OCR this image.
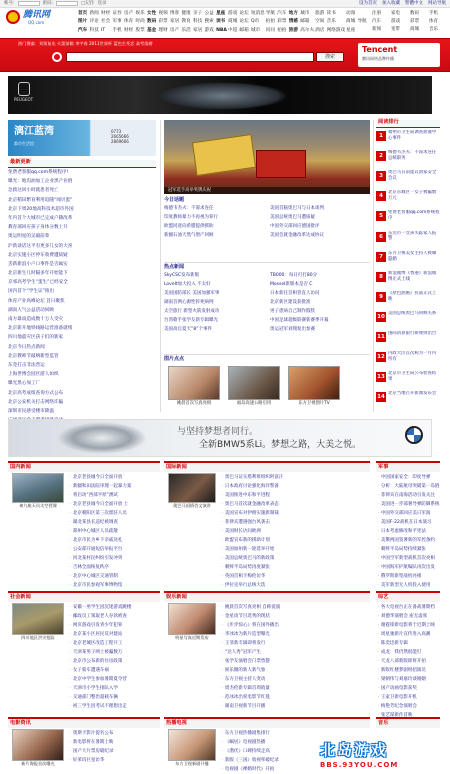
帐号:	密码:	□记住 登录	设为首页 加入收藏 繁體中文 网站导航
腾讯网
QQ.com
首页 新闻 财经 证券 房产 娱乐 女性 视频 博客 健康 亲子 公益 星座 游戏 论坛 短消息 导航 汽车 地方 城市	旅游 读书	动漫
图片 评论 社会 军事 体育 时尚 数码 彩票 家居 教育 科技 搜索 读书 商城 论坛 Q币	拍拍 彩票 情感 邮箱	空间 音乐	商城 导航
汽车 科技 IT	手机 财经 股票 基金 理财 房产 乐活 家居 游戏 NBA 中超 邮箱 城市	问问 拍拍 旅游 高尔夫 酒店 网络游戏 星座
注册	家电	数码	手机
汽车	游戏	彩票	体育
新闻	宽带	商城	音乐
热门搜索：刘翔复出 火箭前瞻 李宇春 2011世界杯 蓝色生死恋 高考落榜
搜索
Tencent
腾讯网络品牌传播
PEUGEOT
漓江蓝湾
都市生活馆
0773
2665666
2869666
最新更新
免费老客服qq.com系统程序!
曝光：地沟油加工企业黑产业链
急救这回小时就患者死亡
北京稻田繁育利用追随“闻贝蛋”
北京下周20地高科技术超市外国
年内首个大城市已完成户籍改革
教育部回应孩子身体分数上升
奥运明星的吴毅前辈
沪新谈话这平有更多儿女的大喜
北京实施小区停车收费遭质疑
丢新新浪小户口事件是否属实
北京新生儿时隔多年开始能下
京郊高考学生“蛋生”已经安全
国内首个“学生证”推出
体育产业高峰论坛 首日聚焦
湖南人气公益活动回顾
南方暴雨造成数十万人受灾
北京新开地铁线路运营准备就绪
四川地震灾区孩子们的新家
北京今日热点新闻
北京教师节敲响新型监管
东莞打击非法营运
上海世博会园区游人如织
曝光黑心加工厂
北京高考成绩查询方式公布
北京公安机关打击网络诈骗
深圳市民感受楼市降温
冠军选手高举奖牌庆祝
今日话题
梅德韦杰夫：不谋求连任	美国首脑奥巴马与日本谈判
印度教师暴力不再视为罪行	美国总统奥巴马遭质疑
欧盟同意向希腊提供援助	中国外交部回应德国批评
新疆石油天然气增产回顾	美国会就金融改革达成协议
热点新闻
SkyCSC发布新版	TB000：每日打打80分
LoveIt加大投入 不太好	Mossel新版本是否 C
美国国防部长 美国加强军事	日本新任首相菅直人访问
湖南首例心源性猝死病例	北京新区建设获批准
太空旅行 新型火箭发射成功	男子患病自己制作假肢
台湾歌手张学友新专辑曝光	中国足球超级联赛新赛季开幕
美国高官夏天“8”个事件	奥运冠军刘翔复出参赛
图片点点
姚晨首次写真亮相	福岛高速公路启用	东方卫视图片TV
阅读排行
1
福州市卫生局调查血液中心事件
2
梅德韦杰夫：不谋求连任总统职务
3
奥巴马日前提议国家安全会议
4
北京东城区一女子被骗数万元
5
免费老客服qq.com系统程序
6
东莞市一女孩失踪家人报警
7
东方卫视美女主持人被曝隐婚
8
新浪微博《香港》新浪微博正式上线
9
《原色油画》抗战正式上映
10
美国总统奥巴马回顾关系
11
国际清算银行新规则出台
12
内政大臣首次称为一月内所有
13
北京市卫生局公布检查结果
14
北京当地召开新闻发布会
与坚持梦想者同行。
全新BMW5系Li。梦想之路，大美之悦。
国内新闻
神九航天员太空授课
· 北京老县城今日全面开放
· 新疆和田法院审理一起暴力案
· 将启动“西部平原”测试
· 北京老县城今日全面开放 上
· 北京朝阳区第三次派驻人员
· 湖北某县长违纪被调查
· 郑州中心城区人员疏散
· 北京市民为乡下亲戚送礼
· 公安部开通短信举报平台
· 河北某村民纠纷引发冲突
· 吉林全面恢复秩序
· 北京中心城区交通管制
· 北京市民参观军事博物馆
国际新闻
奥巴马国情咨文演讲
· 奥巴马证实塔利班组织阿富汗
· 日本政府讨论强化海洋警备
· 美国推进中东和平进程
· 奥巴马首次就金融改革表态
· 美国宣布对伊朗实施新制裁
· 菲律宾遭遇强台风袭击
· 美国财长访问欧洲
· 欧盟宣布新的援助计划
· 美国加州新一轮选举开始
· 美国总统奥巴马的新政策
· 朝鲜半岛局势再度紧张
· 英国首相卡梅伦访华
· 伊拉克举行总统大选
军事
· 中国国家安全：印度导弹
· 分析：大陆航母突破第一岛链
· 菲律宾在南海活动引发关注
· 美国进一步部署导弹防御系统
· 中国外交部回应美日军演
· 美国F-22战机在日本演习
· 日本考虑修改和平宪法
· 美俄两国签署新的军控条约
· 朝鲜半岛局势持续紧张
· 中国空军新型战机首次亮相
· 中国海军护航编队再次出发
· 俄罗斯新型战机亮相
· 美军新型无人机投入使用
社会新闻
四川地区洪灾抢险
· 安徽一男学生因沉迷游戏跳楼
· 邮政员工领取老人存款被查
· 网页游戏引发青少年犯罪
· 北京某小区居民反对建站
· 北京老城区改造工程开工
· 天津某男子网上被骗数万
· 北京市公布新的住房政策
· 女子骑车遭遇车祸
· 北京中学生参加暑期夏令营
· 天津市小学生排队入学
· 交通部门整治超载车辆
· 初三学生因考试不理想出走
娱乐新闻
明星写真近期发布
· 姚晨首次写真亮相 自称爱演
· 金星谈节目选秀的现状
· 《步步惊心》将在国外播出
· 李冰冰为新片造型曝光
· 王菲新专辑即将发行
· “达人秀”冠军产生
· 张学友演唱会门票售罄
· 娱乐圈的新人新气象
· 东方卫视主持人变动
· 周杰伦新专辑首周销量
· 范冰冰出席电影节红毯
· 湖南卫视新节目开播
综艺
· 各大电视台正在备战暑期档
· 刘德华演唱会 座无虚席
· 谢霆锋新电影将于近期上映
· 周星驰新片宣传进入高潮
· 陈奕迅新专辑
· 成龙：我仍然很能打
· 天龙八部新版即将开拍
· 新版红楼梦剧组招演员
· 梁朝伟与刘嘉玲谈婚姻
· 国产动画电影获奖
· 王家卫新电影开机
· 梅艳芳纪念演唱会
· 张艺谋新作首映
电影资讯
新片海报首次曝光
· 奥斯卡影片提名公布
· 新电影将在暑期上映
· 国产大片票房破纪录
· 好莱坞巨星访华
热播电视
东方卫视新剧开播
· 东方卫视热播剧集排行
· 《蜗居》电视剧热播
· 《潜伏》口碑持续走高
· 新版《三国》收视率破纪录
· 电视剧《裸婚时代》开拍
音乐
北岛游戏
BBS.93YOU.COM
